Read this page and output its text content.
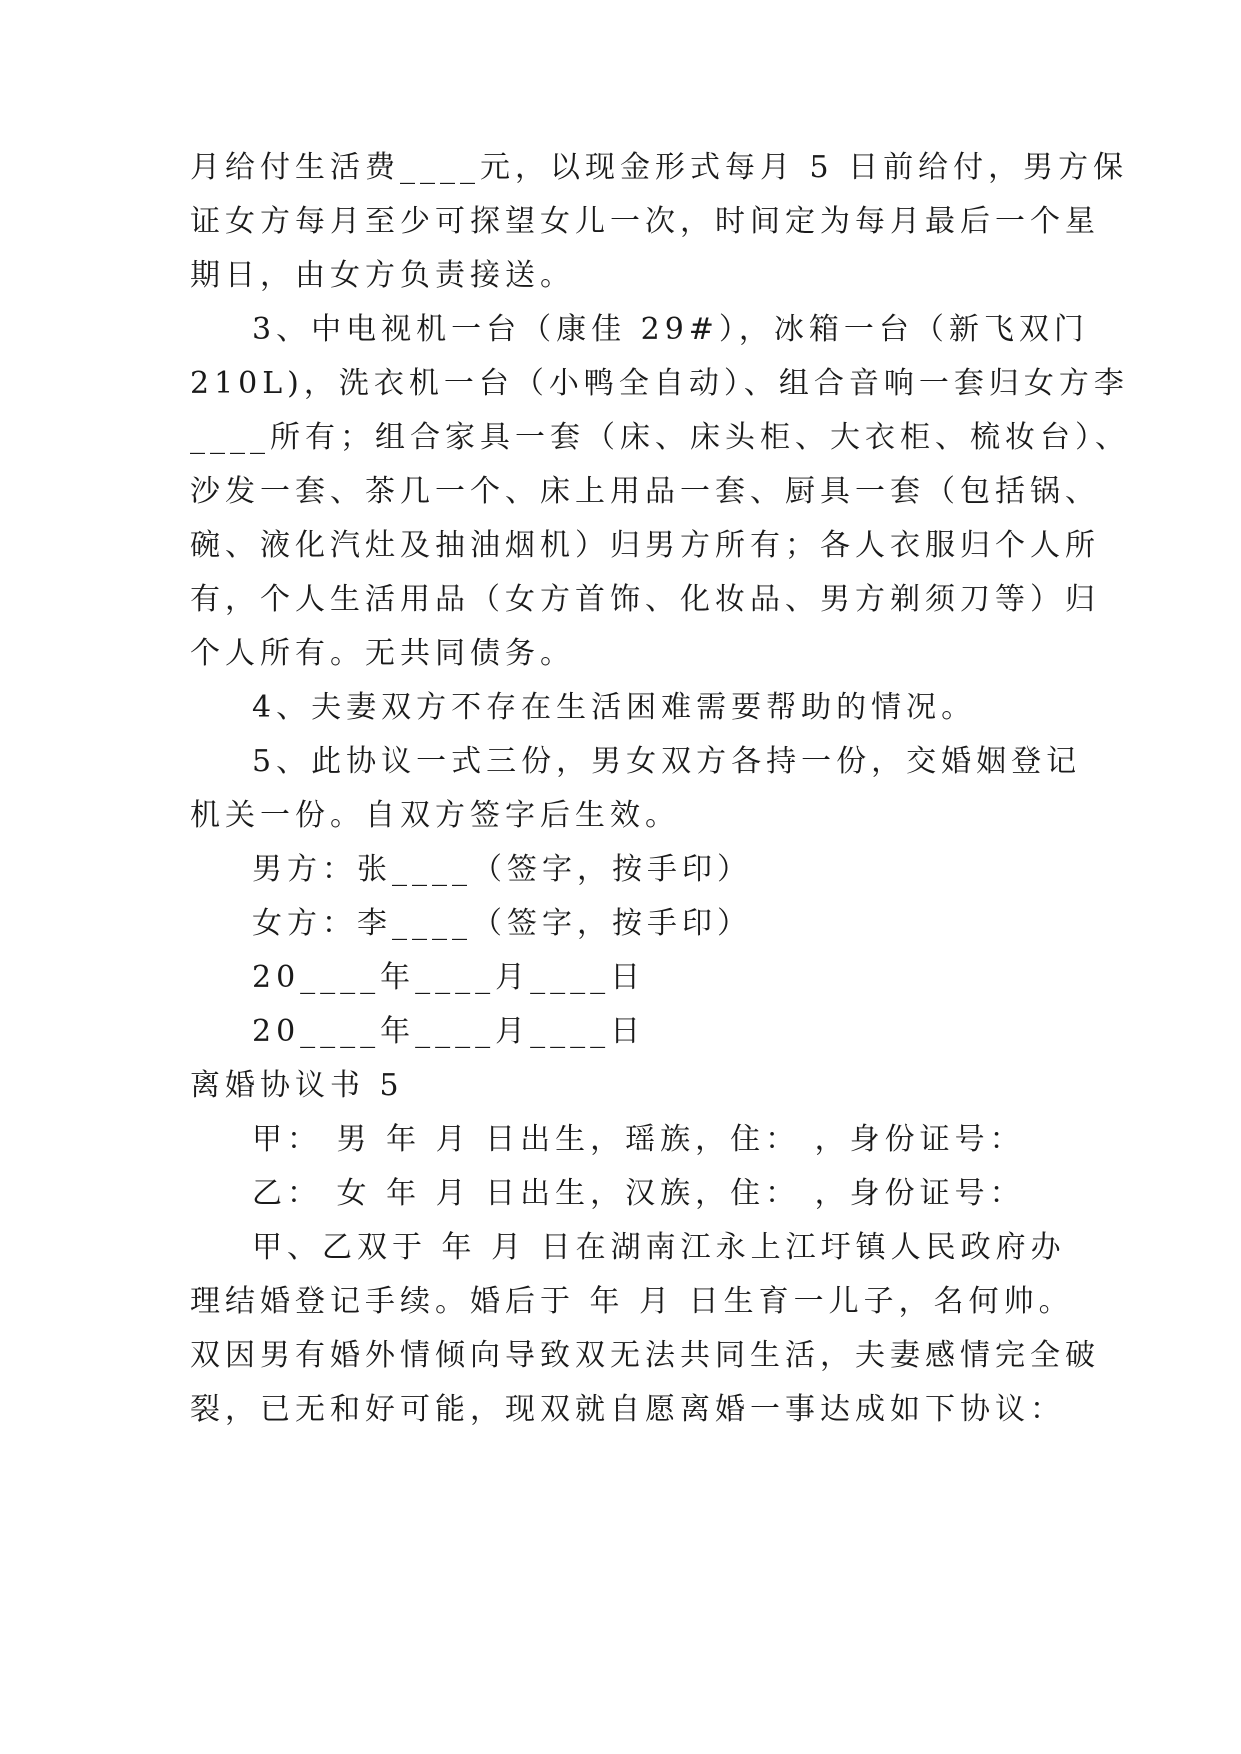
月给付生活费____元，以现金形式每月 5 日前给付，男方保
证女方每月至少可探望女儿一次，时间定为每月最后一个星
期日，由女方负责接送。
3、中电视机一台（康佳 29#），冰箱一台（新飞双门
210L)，洗衣机一台（小鸭全自动）、组合音响一套归女方李
____所有；组合家具一套（床、床头柜、大衣柜、梳妆台）、
沙发一套、茶几一个、床上用品一套、厨具一套（包括锅、
碗、液化汽灶及抽油烟机）归男方所有；各人衣服归个人所
有，个人生活用品（女方首饰、化妆品、男方剃须刀等）归
个人所有。无共同债务。
4、夫妻双方不存在生活困难需要帮助的情况。
5、此协议一式三份，男女双方各持一份，交婚姻登记
机关一份。自双方签字后生效。
男方：张____（签字，按手印）
女方：李____（签字，按手印）
20____年____月____日
20____年____月____日
离婚协议书 5
甲： 男 年 月 日出生，瑶族，住： ，身份证号：
乙： 女 年 月 日出生，汉族，住： ，身份证号：
甲、乙双于 年 月 日在湖南江永上江圩镇人民政府办
理结婚登记手续。婚后于 年 月 日生育一儿子，名何帅。
双因男有婚外情倾向导致双无法共同生活，夫妻感情完全破
裂，已无和好可能，现双就自愿离婚一事达成如下协议：
